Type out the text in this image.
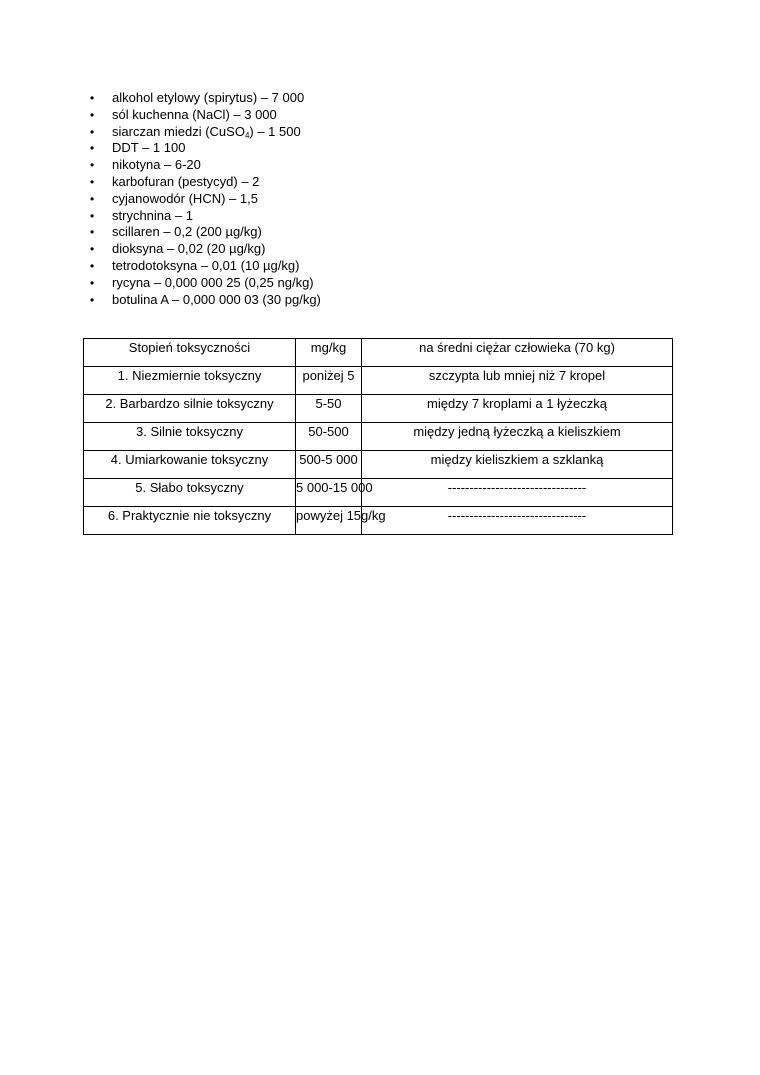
• alkohol etylowy (spirytus) – 7 000
• sól kuchenna (NaCl) – 3 000
• siarczan miedzi (CuSO$_4$) – 1 500
• DDT – 1 100
• nikotyna – 6-20
• karbofuran (pestycyd) – 2
• cyjanowodór (HCN) – 1,5
• strychnina – 1
• scillaren – 0,2 (200 µg/kg)
• dioksyna – 0,02 (20 µg/kg)
• tetrodotoksyna – 0,01 (10 µg/kg)
• rycyna – 0,000 000 25 (0,25 ng/kg)
• botulina A – 0,000 000 03 (30 pg/kg)
Stopień toksyczności	mg/kg	na średni ciężar człowieka (70 kg)
1. Niezmiernie toksyczny	poniżej 5	szczypta lub mniej niż 7 kropel
2. Barbardzo silnie toksyczny	5-50	między 7 kroplami a 1 łyżeczką
3. Silnie toksyczny	50-500	między jedną łyżeczką a kieliszkiem
4. Umiarkowanie toksyczny	500-5 000	między kieliszkiem a szklanką
5. Słabo toksyczny	5 000-15 000	--------------------------------
6. Praktycznie nie toksyczny	powyżej 15g/kg	--------------------------------
